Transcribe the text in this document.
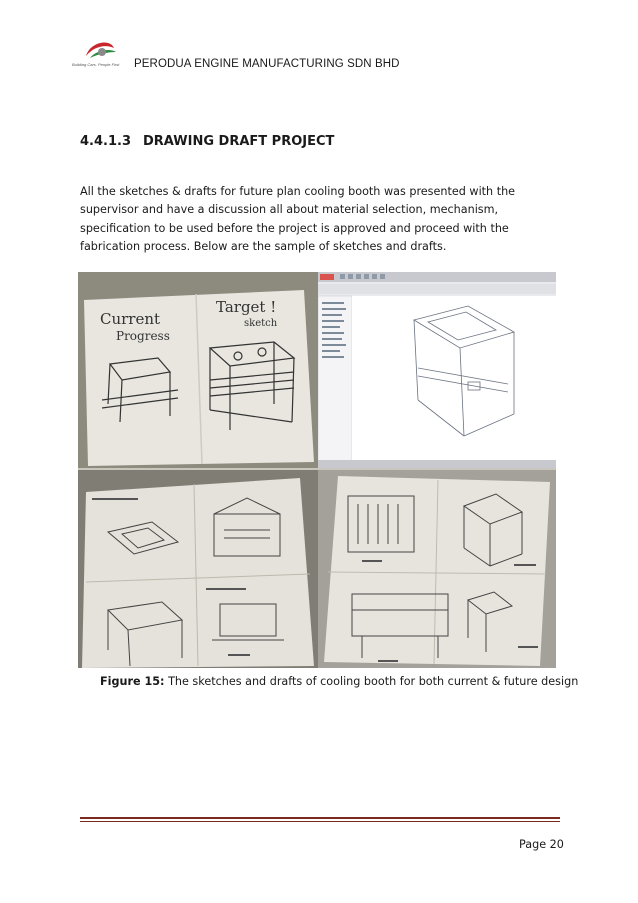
Building Cars. People First PERODUA ENGINE MANUFACTURING SDN BHD
4.4.1.3 DRAWING DRAFT PROJECT
All the sketches & drafts for future plan cooling booth was presented with the supervisor and have a discussion all about material selection, mechanism, specification to be used before the project is approved and proceed with the fabrication process. Below are the sample of sketches and drafts.
Current
Progress
Target !
sketch
Figure 15: The sketches and drafts of cooling booth for both current & future design
Page 20
